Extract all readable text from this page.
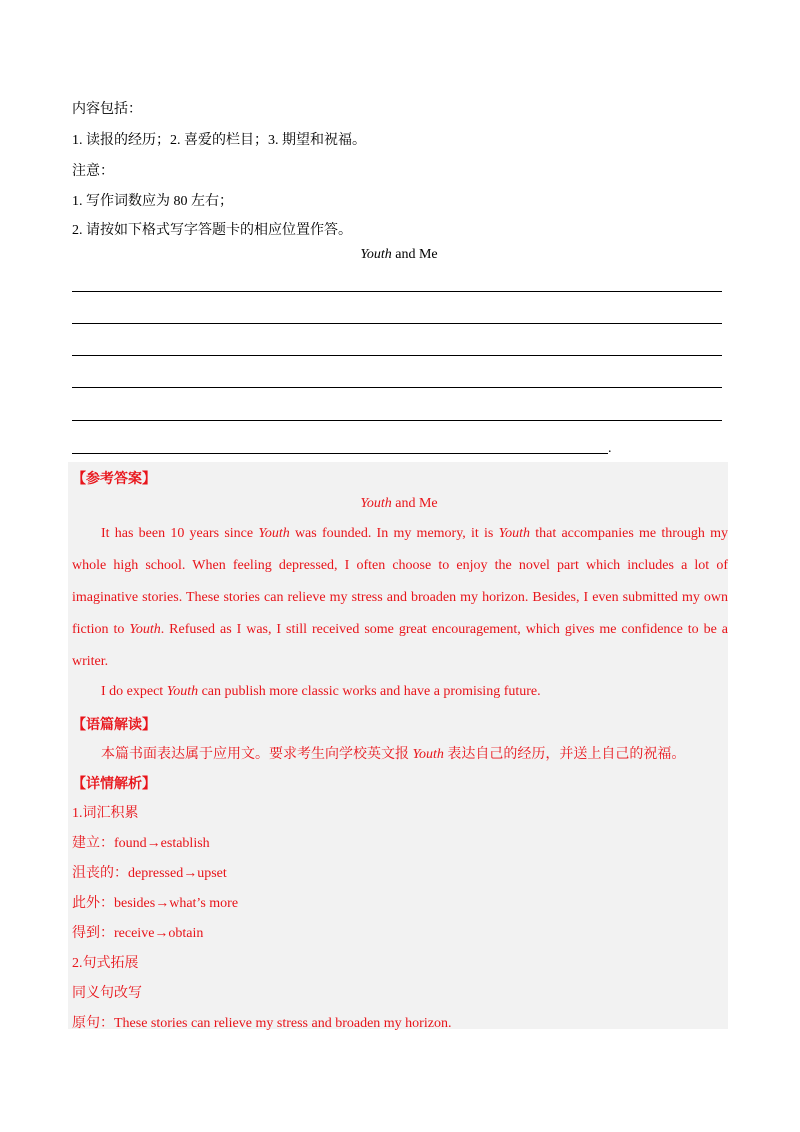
内容包括：
1. 读报的经历；2. 喜爱的栏目；3. 期望和祝福。
注意：
1. 写作词数应为 80 左右；
2. 请按如下格式写字答题卡的相应位置作答。
Youth and Me
.
【参考答案】
Youth and Me
It has been 10 years since Youth was founded. In my memory, it is Youth that accompanies me through my whole high school. When feeling depressed, I often choose to enjoy the novel part which includes a lot of imaginative stories. These stories can relieve my stress and broaden my horizon. Besides, I even submitted my own fiction to Youth. Refused as I was, I still received some great encouragement, which gives me confidence to be a writer.
I do expect Youth can publish more classic works and have a promising future.
【语篇解读】
本篇书面表达属于应用文。要求考生向学校英文报 Youth 表达自己的经历，并送上自己的祝福。
【详情解析】
1.词汇积累
建立：found→establish
沮丧的：depressed→upset
此外：besides→what’s more
得到：receive→obtain
2.句式拓展
同义句改写
原句：These stories can relieve my stress and broaden my horizon.
